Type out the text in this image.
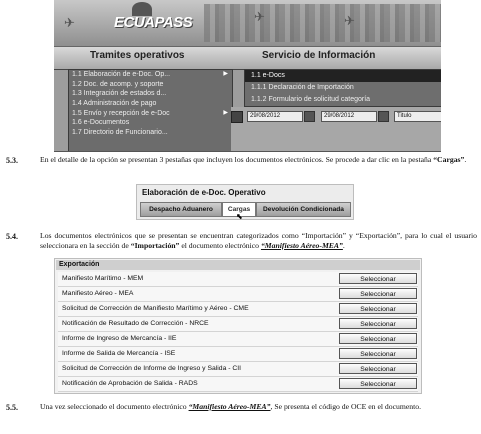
✈	✈	✈
ECUAPASS
Tramites operativos	Servicio de Información
1.1 Elaboración de e-Doc. Op...	▶
1.2 Doc. de acomp. y soporte
1.3 Integración de estados d...
1.4 Administración de pago
1.5 Envío y recepción de e-Doc	▶
1.6 e-Documentos
1.7 Directorio de Funcionario...
1.1 e-Docs
1.1.1 Declaración de Importación
1.1.2 Formulario de solicitud categoría
29/08/2012	29/08/2012	Titulo
5.3.	En el detalle de la opción se presentan 3 pestañas que incluyen los documentos electrónicos. Se procede a dar clic en la pestaña “Cargas”.
Elaboración de e-Doc. Operativo
Despacho Aduanero	Cargas	Devolución Condicionada
⬉
5.4.	Los documentos electrónicos que se presentan se encuentran categorizados como “Importación” y “Exportación”, para lo cual el usuario seleccionara en la sección de “Importación” el documento electrónico “Manifiesto Aéreo-MEA”.
Exportación
Manifiesto Marítimo - MEM	Seleccionar
Manifiesto Aéreo - MEA	Seleccionar
Solicitud de Corrección de Manifiesto Marítimo y Aéreo - CME	Seleccionar
Notificación de Resultado de Corrección - NRCE	Seleccionar
Informe de Ingreso de Mercancía - IIE	Seleccionar
Informe de Salida de Mercancía - ISE	Seleccionar
Solicitud de Corrección de Informe de Ingreso y Salida - CII	Seleccionar
Notificación de Aprobación de Salida - RADS	Seleccionar
5.5.	Una vez seleccionado el documento electrónico “Manifiesto Aéreo-MEA”, Se presenta el código de OCE en el documento.
